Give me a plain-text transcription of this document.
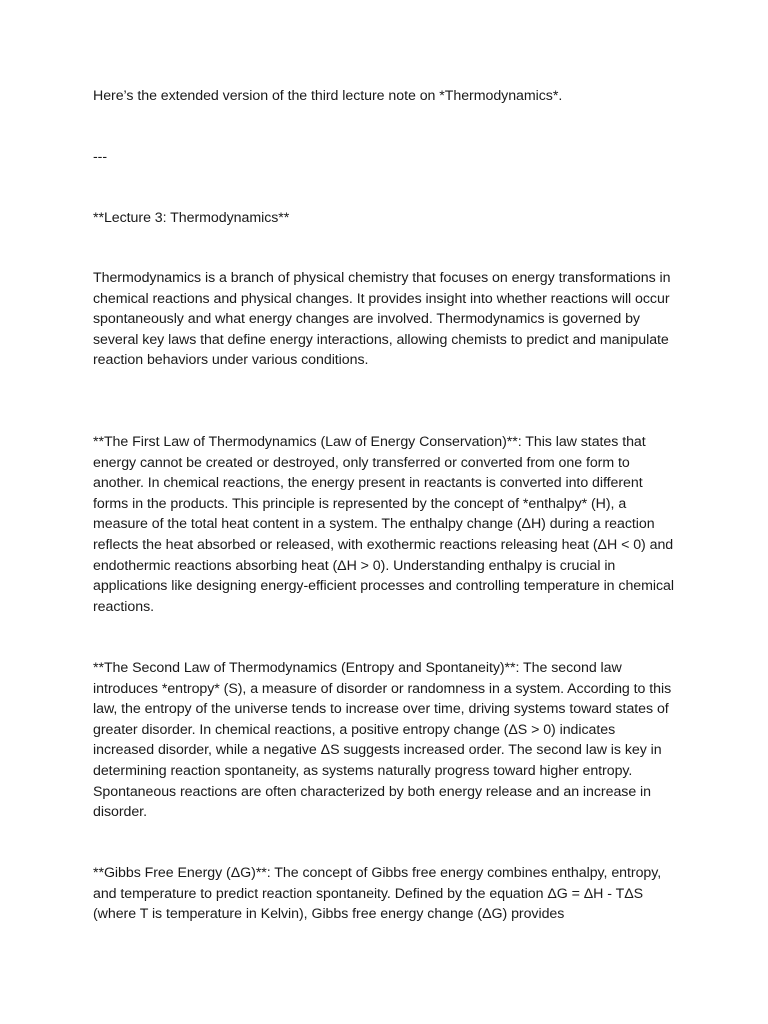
Here’s the extended version of the third lecture note on *Thermodynamics*.

---

**Lecture 3: Thermodynamics**

Thermodynamics is a branch of physical chemistry that focuses on energy transformations in chemical reactions and physical changes. It provides insight into whether reactions will occur spontaneously and what energy changes are involved. Thermodynamics is governed by several key laws that define energy interactions, allowing chemists to predict and manipulate reaction behaviors under various conditions.

**The First Law of Thermodynamics (Law of Energy Conservation)**: This law states that energy cannot be created or destroyed, only transferred or converted from one form to another. In chemical reactions, the energy present in reactants is converted into different forms in the products. This principle is represented by the concept of *enthalpy* (H), a measure of the total heat content in a system. The enthalpy change (ΔH) during a reaction reflects the heat absorbed or released, with exothermic reactions releasing heat (ΔH < 0) and endothermic reactions absorbing heat (ΔH > 0). Understanding enthalpy is crucial in applications like designing energy-efficient processes and controlling temperature in chemical reactions.

**The Second Law of Thermodynamics (Entropy and Spontaneity)**: The second law introduces *entropy* (S), a measure of disorder or randomness in a system. According to this law, the entropy of the universe tends to increase over time, driving systems toward states of greater disorder. In chemical reactions, a positive entropy change (ΔS > 0) indicates increased disorder, while a negative ΔS suggests increased order. The second law is key in determining reaction spontaneity, as systems naturally progress toward higher entropy. Spontaneous reactions are often characterized by both energy release and an increase in disorder.

**Gibbs Free Energy (ΔG)**: The concept of Gibbs free energy combines enthalpy, entropy, and temperature to predict reaction spontaneity. Defined by the equation ΔG = ΔH - TΔS (where T is temperature in Kelvin), Gibbs free energy change (ΔG) provides
